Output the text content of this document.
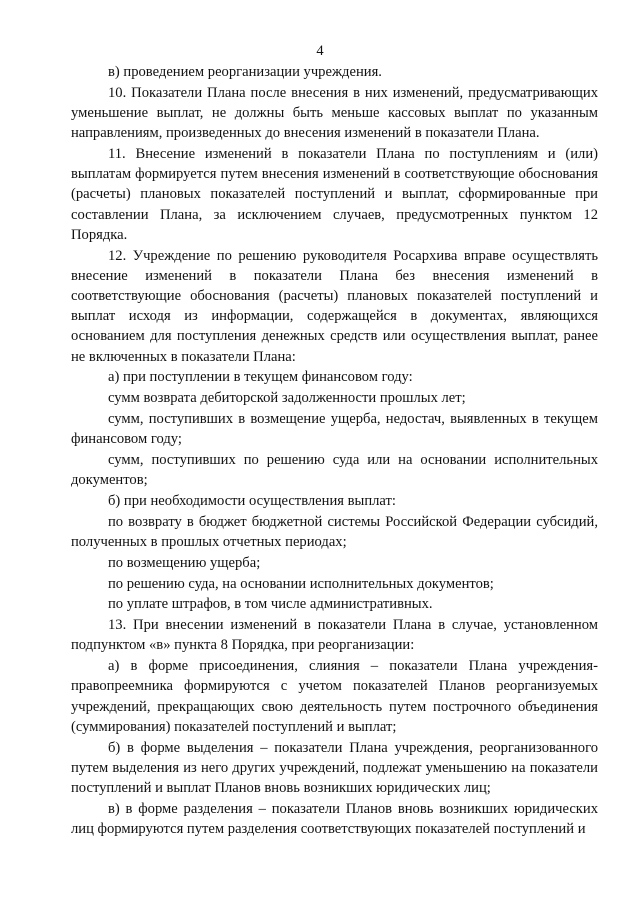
4

в) проведением реорганизации учреждения.

10. Показатели Плана после внесения в них изменений, предусматривающих уменьшение выплат, не должны быть меньше кассовых выплат по указанным направлениям, произведенных до внесения изменений в показатели Плана.

11. Внесение изменений в показатели Плана по поступлениям и (или) выплатам формируется путем внесения изменений в соответствующие обоснования (расчеты) плановых показателей поступлений и выплат, сформированные при составлении Плана, за исключением случаев, предусмотренных пунктом 12 Порядка.

12. Учреждение по решению руководителя Росархива вправе осуществлять внесение изменений в показатели Плана без внесения изменений в соответствующие обоснования (расчеты) плановых показателей поступлений и выплат исходя из информации, содержащейся в документах, являющихся основанием для поступления денежных средств или осуществления выплат, ранее не включенных в показатели Плана:

а) при поступлении в текущем финансовом году:

сумм возврата дебиторской задолженности прошлых лет;

сумм, поступивших в возмещение ущерба, недостач, выявленных в текущем финансовом году;

сумм, поступивших по решению суда или на основании исполнительных документов;

б) при необходимости осуществления выплат:

по возврату в бюджет бюджетной системы Российской Федерации субсидий, полученных в прошлых отчетных периодах;

по возмещению ущерба;

по решению суда, на основании исполнительных документов;

по уплате штрафов, в том числе административных.

13. При внесении изменений в показатели Плана в случае, установленном подпунктом «в» пункта 8 Порядка, при реорганизации:

а) в форме присоединения, слияния – показатели Плана учреждения-правопреемника формируются с учетом показателей Планов реорганизуемых учреждений, прекращающих свою деятельность путем построчного объединения (суммирования) показателей поступлений и выплат;

б) в форме выделения – показатели Плана учреждения, реорганизованного путем выделения из него других учреждений, подлежат уменьшению на показатели поступлений и выплат Планов вновь возникших юридических лиц;

в) в форме разделения – показатели Планов вновь возникших юридических лиц формируются путем разделения соответствующих показателей поступлений и
